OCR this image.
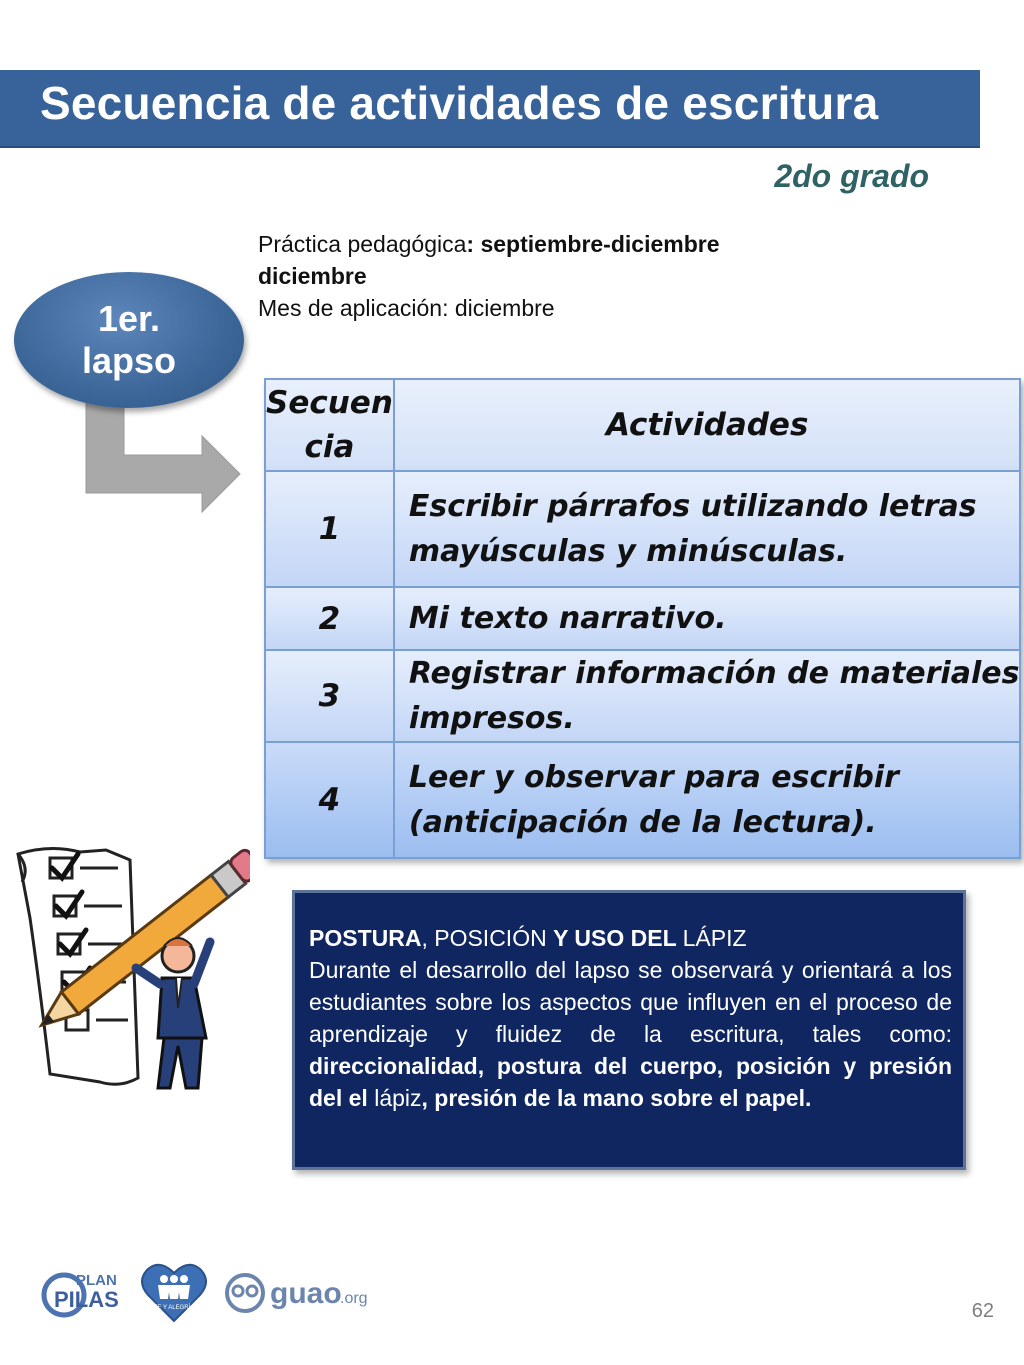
Secuencia de actividades de escritura
2do grado
Práctica pedagógica: septiembre-diciembre
diciembre
Mes de aplicación: diciembre
1er.
lapso
Secuen
cia	Actividades
1	Escribir párrafos utilizando letras
mayúsculas y minúsculas.

2	Mi texto narrativo.

3	Registrar información de materiales
impresos.

4	Leer y observar para escribir
(anticipación de la lectura).
POSTURA, POSICIÓN Y USO DEL LÁPIZ
Durante el desarrollo del lapso se observará y orientará a los estudiantes sobre los aspectos que influyen en el proceso de aprendizaje y fluidez de la escritura, tales como: direccionalidad, postura del cuerpo, posición y presión del el lápiz, presión de la mano sobre el papel.
PLAN
PILAS	FE Y ALEGRÍA	guao
.org
62
